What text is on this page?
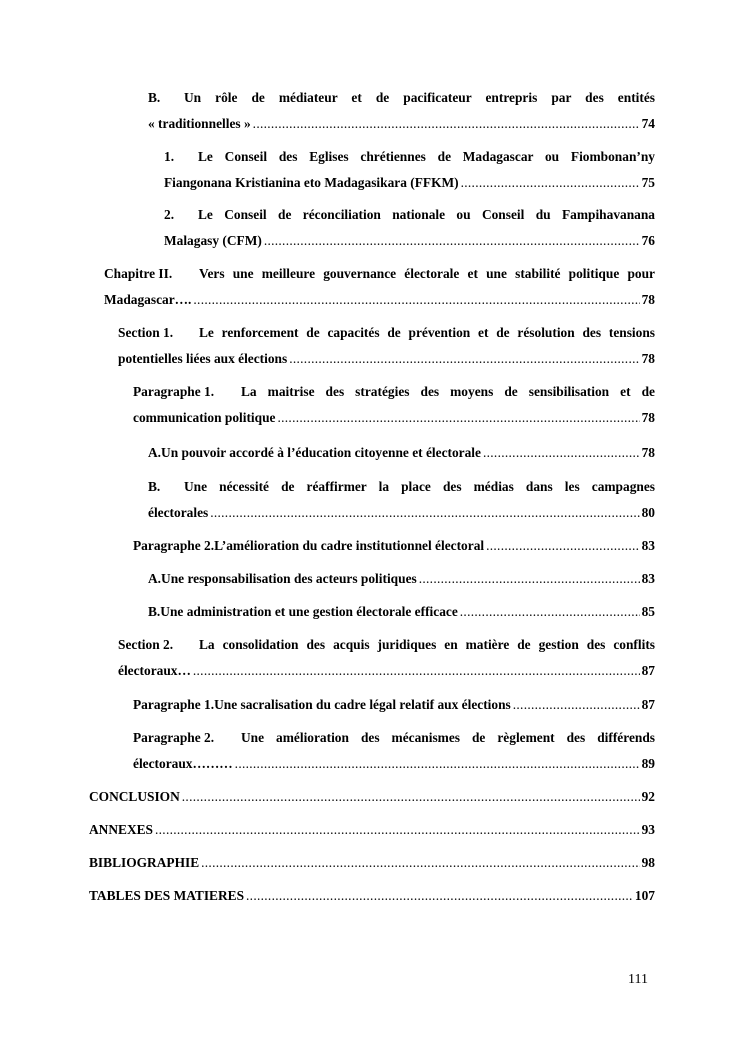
B. Un rôle de médiateur et de pacificateur entrepris par des entités
« traditionnelles » .....	74
1. Le Conseil des Eglises chrétiennes de Madagascar ou Fiombonan’ny
Fiangonana Kristianina eto Madagasikara (FFKM) .....	75
2. Le Conseil de réconciliation nationale ou Conseil du Fampihavanana
Malagasy (CFM) .....	76
Chapitre II. Vers une meilleure gouvernance électorale et une stabilité politique pour
Madagascar…. .....	78
Section 1. Le renforcement de capacités de prévention et de résolution des tensions
potentielles liées aux élections .....	78
Paragraphe 1. La maitrise des stratégies des moyens de sensibilisation et de
communication politique .....	78
A. Un pouvoir accordé à l’éducation citoyenne et électorale .....	78
B. Une nécessité de réaffirmer la place des médias dans les campagnes
électorales .....	80
Paragraphe 2. L’amélioration du cadre institutionnel électoral .....	83
A. Une responsabilisation des acteurs politiques .....	83
B. Une administration et une gestion électorale efficace .....	85
Section 2. La consolidation des acquis juridiques en matière de gestion des conflits
électoraux… .....	87
Paragraphe 1. Une sacralisation du cadre légal relatif aux élections .....	87
Paragraphe 2. Une amélioration des mécanismes de règlement des différends
électoraux……… .....	89
CONCLUSION .....	92
ANNEXES .....	93
BIBLIOGRAPHIE .....	98
TABLES DES MATIERES .....	107
111
